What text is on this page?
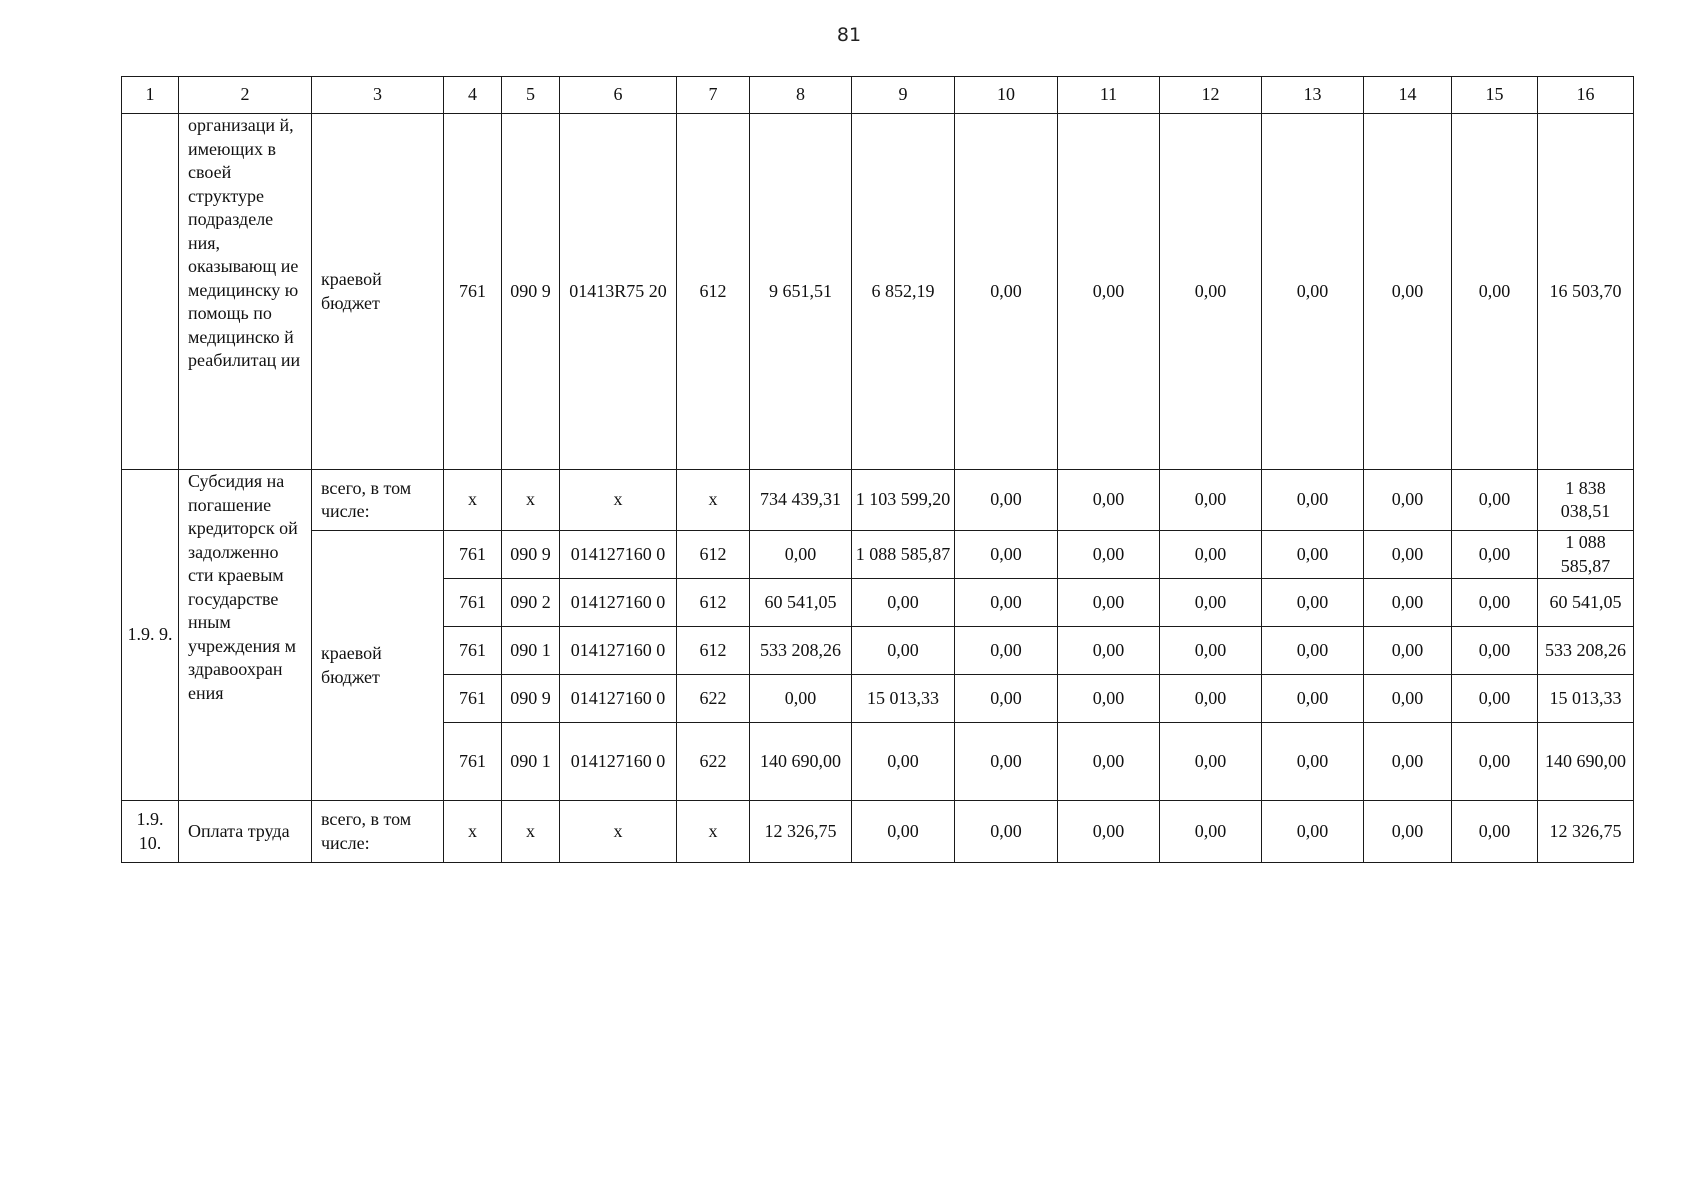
81
1	2	3	4	5	6	7	8	9	10	11	12	13	14	15	16
	организаци й, имеющих в своей структуре подразделе ния, оказывающ ие медицинску ю помощь по медицинско й реабилитац ии	краевой бюджет	761	090 9	01413R75 20	612	9 651,51	6 852,19	0,00	0,00	0,00	0,00	0,00	0,00	16 503,70
1.9. 9.	Субсидия на погашение кредиторск ой задолженно сти краевым государстве нным учреждения м здравоохран ения	всего, в том числе:	х	х	х	х	734 439,31	1 103 599,20	0,00	0,00	0,00	0,00	0,00	0,00	1 838 038,51
		краевой бюджет	761	090 9	014127160 0	612	0,00	1 088 585,87	0,00	0,00	0,00	0,00	0,00	0,00	1 088 585,87
			761	090 2	014127160 0	612	60 541,05	0,00	0,00	0,00	0,00	0,00	0,00	0,00	60 541,05
			761	090 1	014127160 0	612	533 208,26	0,00	0,00	0,00	0,00	0,00	0,00	0,00	533 208,26
			761	090 9	014127160 0	622	0,00	15 013,33	0,00	0,00	0,00	0,00	0,00	0,00	15 013,33
			761	090 1	014127160 0	622	140 690,00	0,00	0,00	0,00	0,00	0,00	0,00	0,00	140 690,00
1.9. 10.	Оплата труда	всего, в том числе:	х	х	х	х	12 326,75	0,00	0,00	0,00	0,00	0,00	0,00	0,00	12 326,75
